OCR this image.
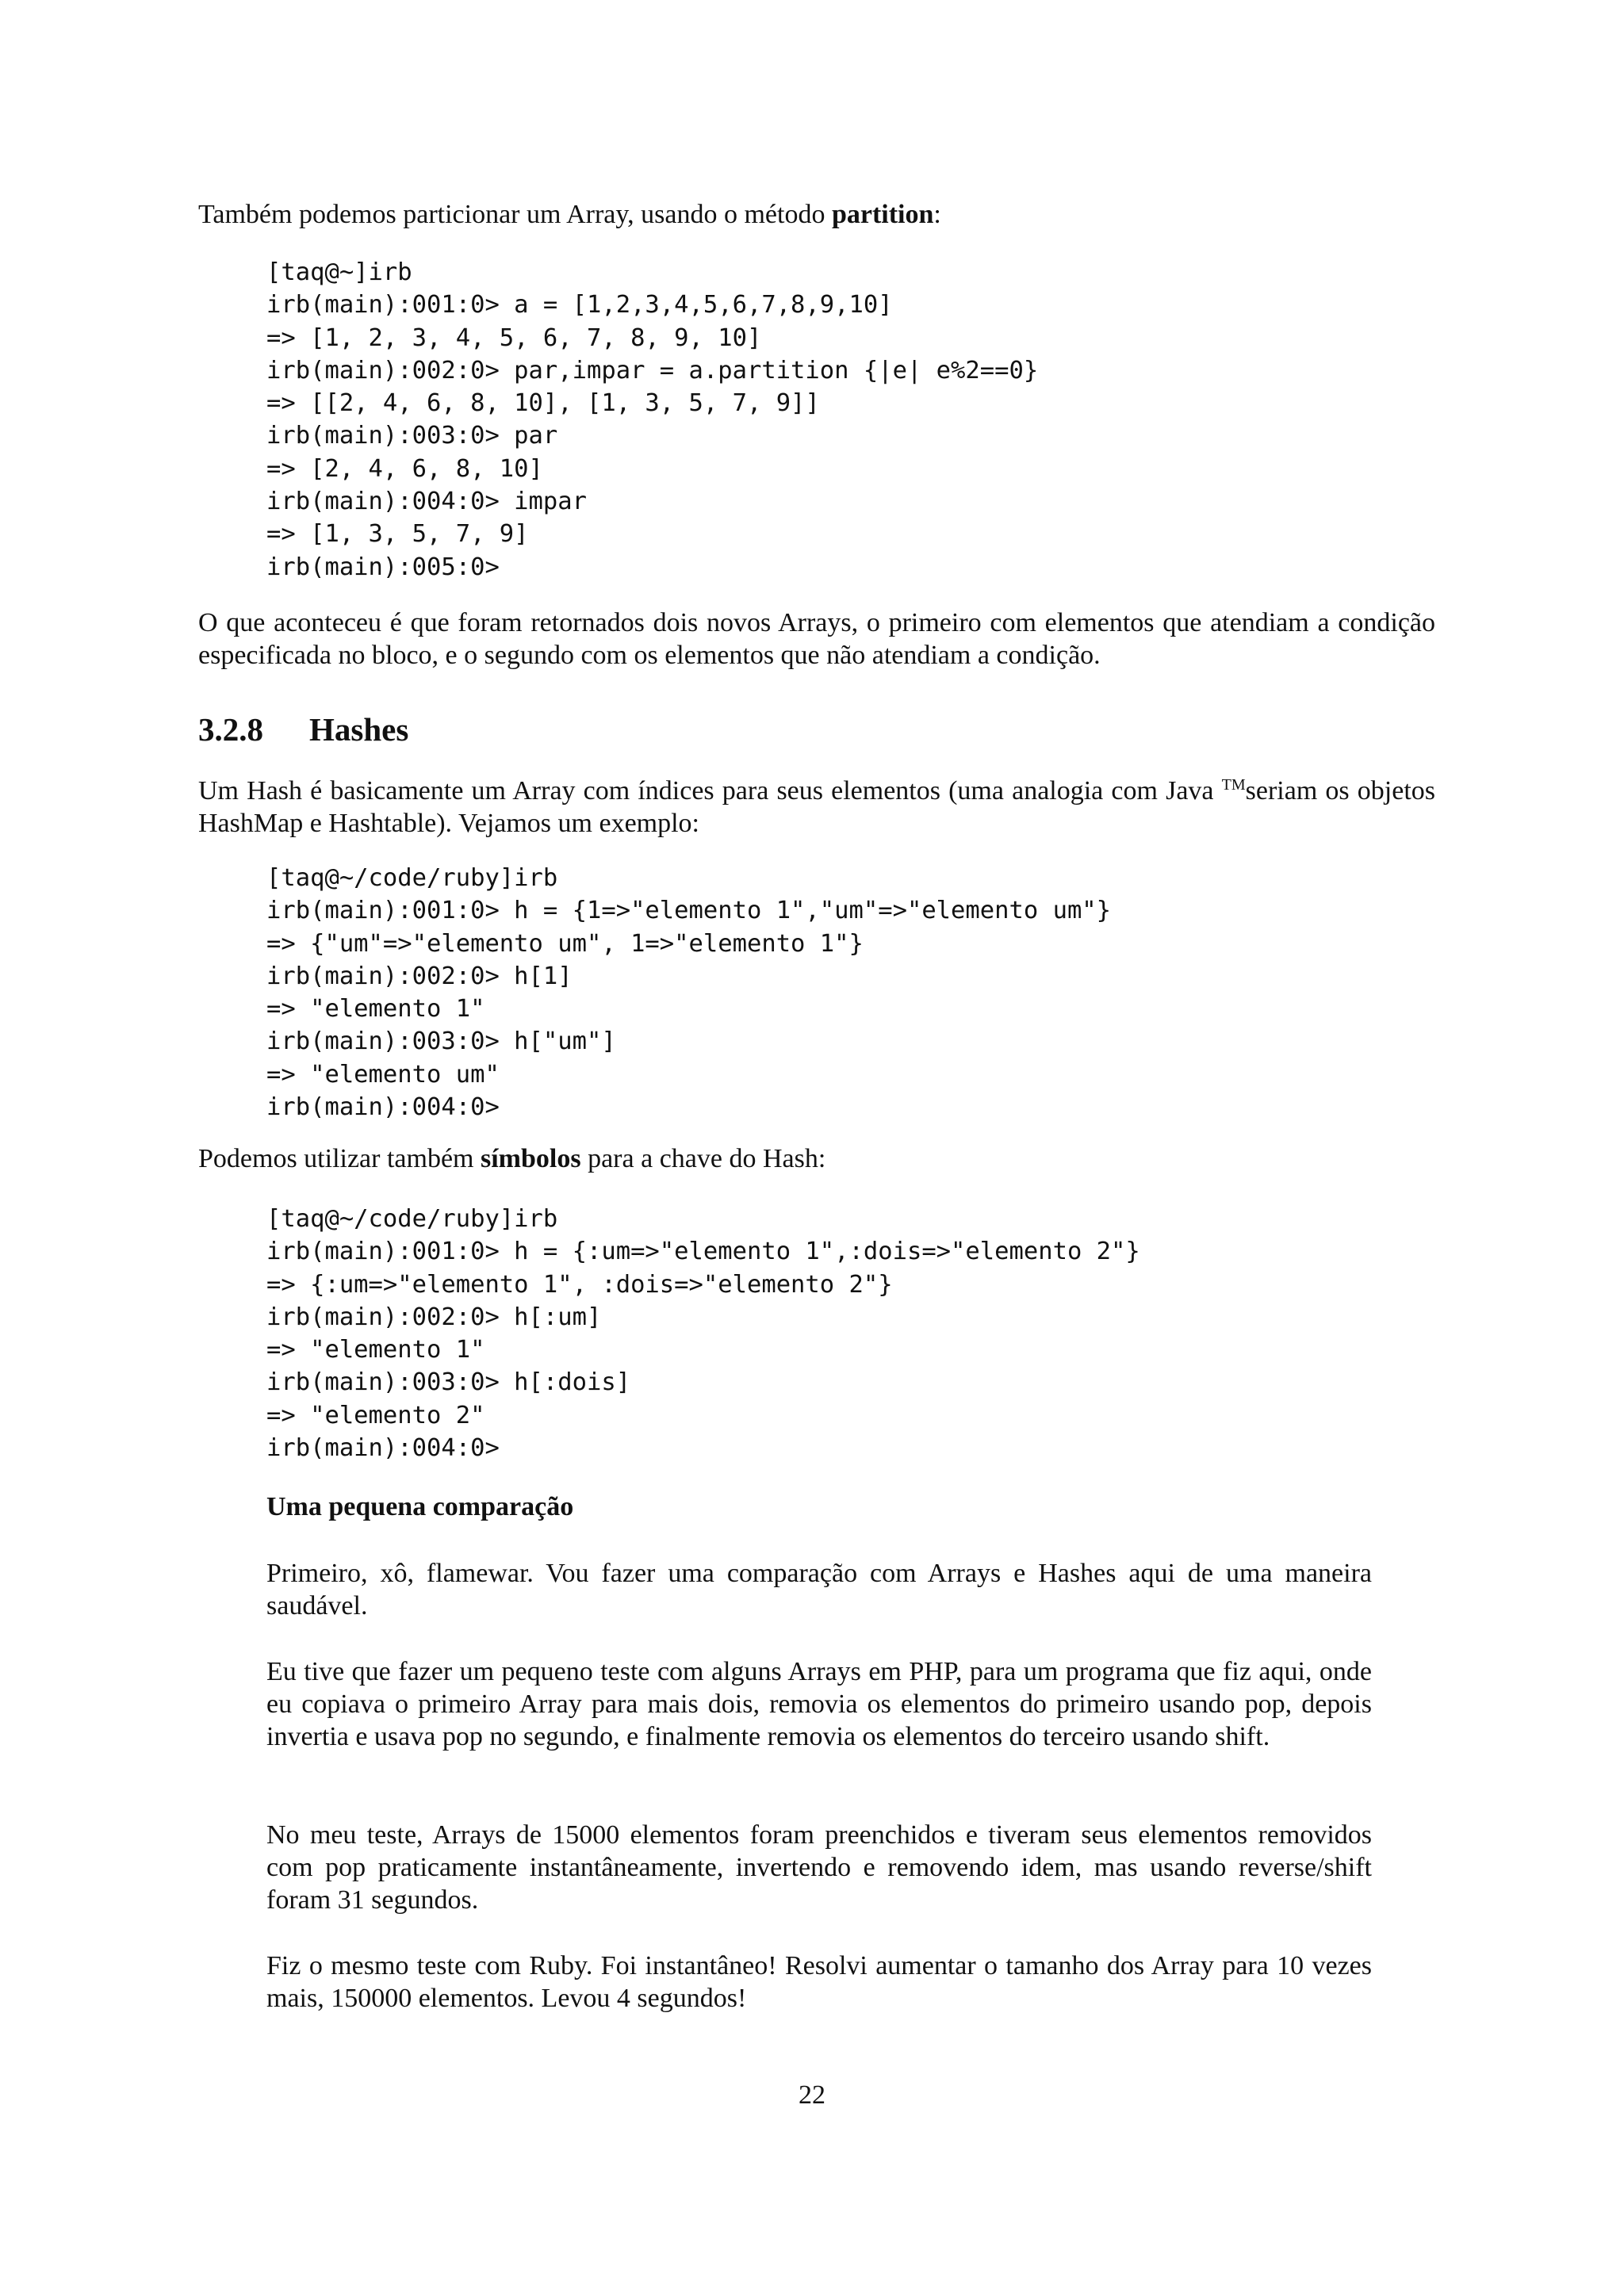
Também podemos particionar um Array, usando o método partition:

[taq@~]irb
irb(main):001:0> a = [1,2,3,4,5,6,7,8,9,10]
=> [1, 2, 3, 4, 5, 6, 7, 8, 9, 10]
irb(main):002:0> par,impar = a.partition {|e| e%2==0}
=> [[2, 4, 6, 8, 10], [1, 3, 5, 7, 9]]
irb(main):003:0> par
=> [2, 4, 6, 8, 10]
irb(main):004:0> impar
=> [1, 3, 5, 7, 9]
irb(main):005:0>

O que aconteceu é que foram retornados dois novos Arrays, o primeiro com elementos que atendiam a condição especificada no bloco, e o segundo com os elementos que não atendiam a condição.

3.2.8 Hashes

Um Hash é basicamente um Array com índices para seus elementos (uma analogia com Java ™seriam os objetos HashMap e Hashtable). Vejamos um exemplo:

[taq@~/code/ruby]irb
irb(main):001:0> h = {1=>"elemento 1","um"=>"elemento um"}
=> {"um"=>"elemento um", 1=>"elemento 1"}
irb(main):002:0> h[1]
=> "elemento 1"
irb(main):003:0> h["um"]
=> "elemento um"
irb(main):004:0>

Podemos utilizar também símbolos para a chave do Hash:

[taq@~/code/ruby]irb
irb(main):001:0> h = {:um=>"elemento 1",:dois=>"elemento 2"}
=> {:um=>"elemento 1", :dois=>"elemento 2"}
irb(main):002:0> h[:um]
=> "elemento 1"
irb(main):003:0> h[:dois]
=> "elemento 2"
irb(main):004:0>
Uma pequena comparação

Primeiro, xô, flamewar. Vou fazer uma comparação com Arrays e Hashes aqui de uma maneira saudável.

Eu tive que fazer um pequeno teste com alguns Arrays em PHP, para um programa que fiz aqui, onde eu copiava o primeiro Array para mais dois, removia os elementos do primeiro usando pop, depois invertia e usava pop no segundo, e finalmente removia os elementos do terceiro usando shift.

No meu teste, Arrays de 15000 elementos foram preenchidos e tiveram seus elementos removidos com pop praticamente instantâneamente, invertendo e removendo idem, mas usando reverse/shift foram 31 segundos.

Fiz o mesmo teste com Ruby. Foi instantâneo! Resolvi aumentar o tamanho dos Array para 10 vezes mais, 150000 elementos. Levou 4 segundos!

22
